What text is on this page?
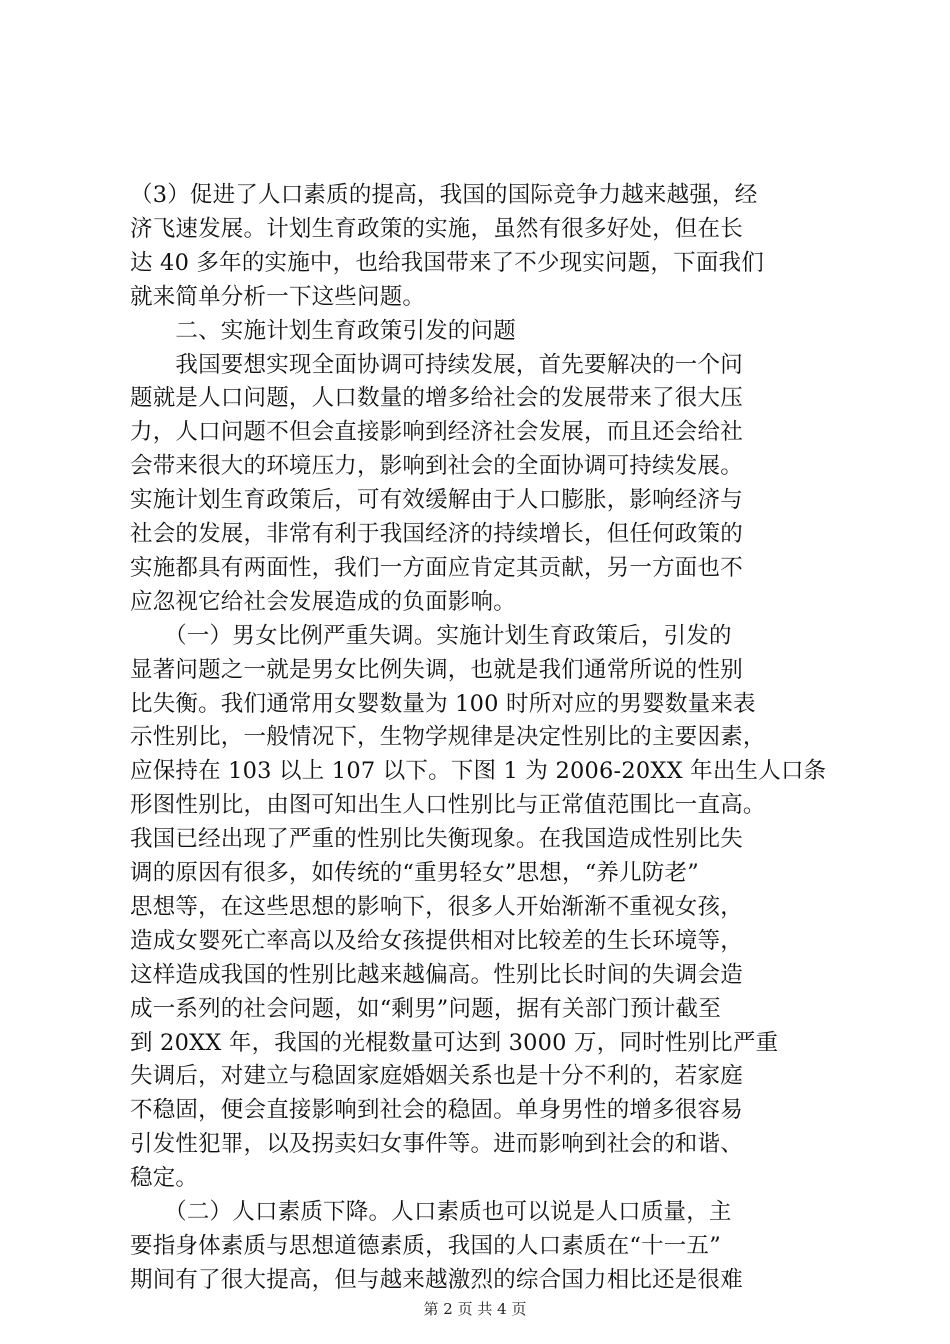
（3）促进了人口素质的提高，我国的国际竞争力越来越强，经
济飞速发展。计划生育政策的实施，虽然有很多好处，但在长
达 40 多年的实施中，也给我国带来了不少现实问题，下面我们
就来简单分析一下这些问题。
　　二、实施计划生育政策引发的问题
　　我国要想实现全面协调可持续发展，首先要解决的一个问
题就是人口问题，人口数量的增多给社会的发展带来了很大压
力，人口问题不但会直接影响到经济社会发展，而且还会给社
会带来很大的环境压力，影响到社会的全面协调可持续发展。
实施计划生育政策后，可有效缓解由于人口膨胀，影响经济与
社会的发展，非常有利于我国经济的持续增长，但任何政策的
实施都具有两面性，我们一方面应肯定其贡献，另一方面也不
应忽视它给社会发展造成的负面影响。
　　（一）男女比例严重失调。实施计划生育政策后，引发的
显著问题之一就是男女比例失调，也就是我们通常所说的性别
比失衡。我们通常用女婴数量为 100 时所对应的男婴数量来表
示性别比，一般情况下，生物学规律是决定性别比的主要因素，
应保持在 103 以上 107 以下。下图 1 为 2006-20XX 年出生人口条
形图性别比，由图可知出生人口性别比与正常值范围比一直高。
我国已经出现了严重的性别比失衡现象。在我国造成性别比失
调的原因有很多，如传统的“重男轻女”思想，“养儿防老”
思想等，在这些思想的影响下，很多人开始渐渐不重视女孩，
造成女婴死亡率高以及给女孩提供相对比较差的生长环境等，
这样造成我国的性别比越来越偏高。性别比长时间的失调会造
成一系列的社会问题，如“剩男”问题，据有关部门预计截至
到 20XX 年，我国的光棍数量可达到 3000 万，同时性别比严重
失调后，对建立与稳固家庭婚姻关系也是十分不利的，若家庭
不稳固，便会直接影响到社会的稳固。单身男性的增多很容易
引发性犯罪，以及拐卖妇女事件等。进而影响到社会的和谐、
稳定。
　　（二）人口素质下降。人口素质也可以说是人口质量，主
要指身体素质与思想道德素质，我国的人口素质在“十一五”
期间有了很大提高，但与越来越激烈的综合国力相比还是很难
第 2 页 共 4 页
